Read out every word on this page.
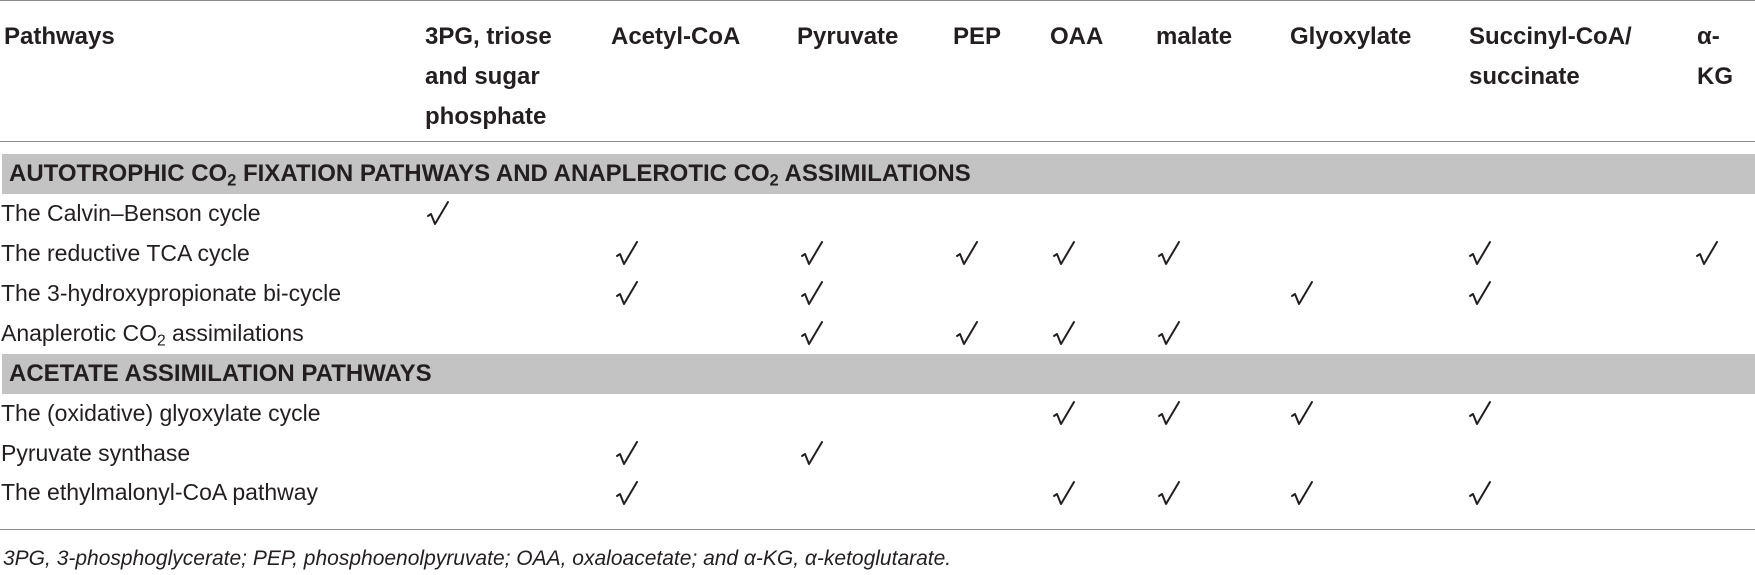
Pathways	3PG, triose
and sugar
phosphate
Acetyl-CoA Pyruvate PEP OAA malate Glyoxylate Succinyl-CoA/
succinate
α-KG
AUTOTROPHIC $CO_2$ FIXATION PATHWAYS AND ANAPLEROTIC $CO_2$ ASSIMILATIONS
The Calvin–Benson cycle
The reductive TCA cycle
The 3-hydroxypropionate bi-cycle
Anaplerotic $CO_2$ assimilations
ACETATE ASSIMILATION PATHWAYS
The (oxidative) glyoxylate cycle
Pyruvate synthase
The ethylmalonyl-CoA pathway
3PG, 3-phosphoglycerate; PEP, phosphoenolpyruvate; OAA, oxaloacetate; and α-KG, α-ketoglutarate.
